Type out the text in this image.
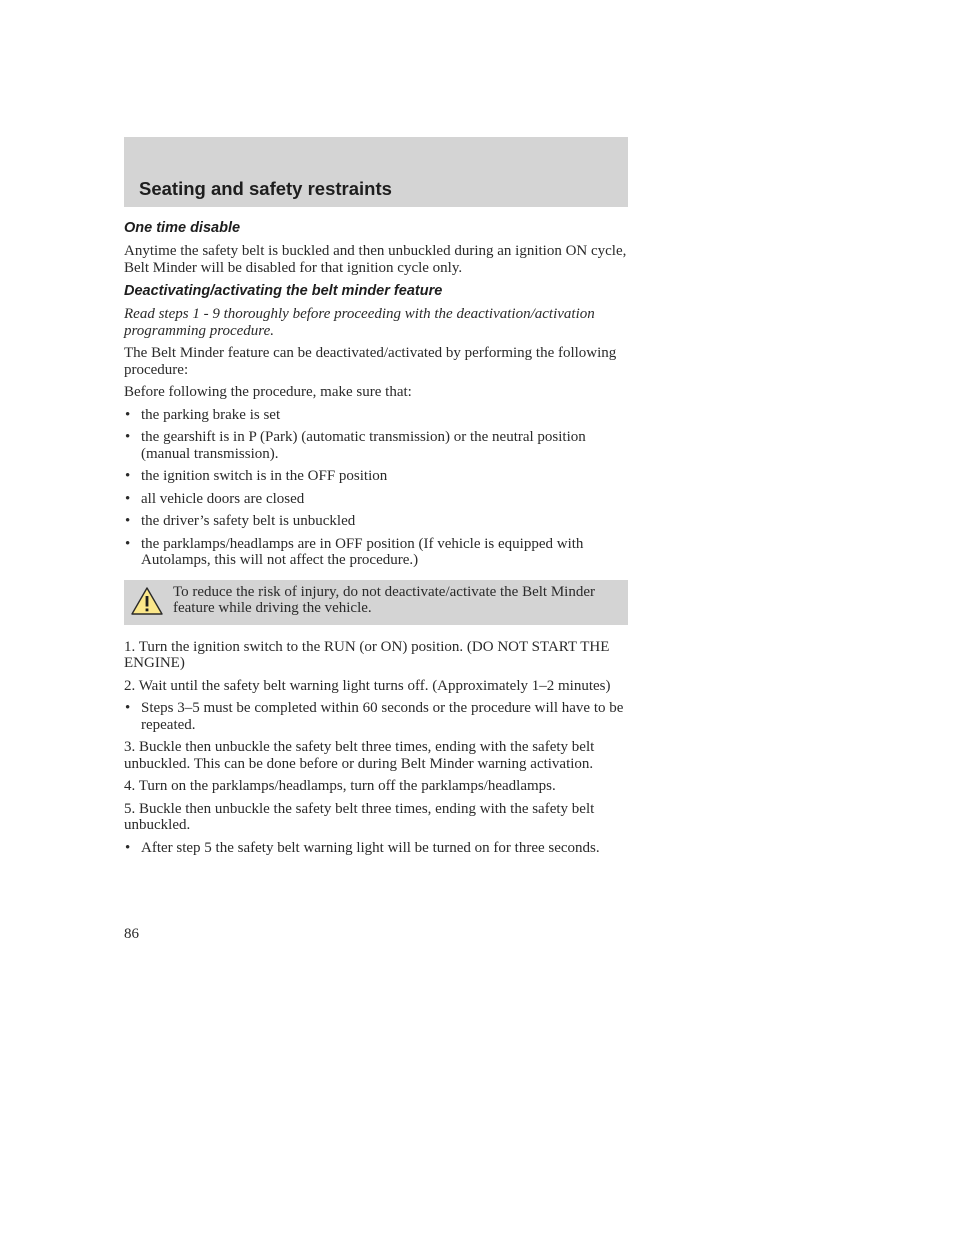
Seating and safety restraints
One time disable

Anytime the safety belt is buckled and then unbuckled during an ignition ON cycle, Belt Minder will be disabled for that ignition cycle only.

Deactivating/activating the belt minder feature

Read steps 1 - 9 thoroughly before proceeding with the deactivation/activation programming procedure.

The Belt Minder feature can be deactivated/activated by performing the following procedure:

Before following the procedure, make sure that:

• the parking brake is set
• the gearshift is in P (Park) (automatic transmission) or the neutral position (manual transmission).
• the ignition switch is in the OFF position
• all vehicle doors are closed
• the driver’s safety belt is unbuckled
• the parklamps/headlamps are in OFF position (If vehicle is equipped with Autolamps, this will not affect the procedure.)

To reduce the risk of injury, do not deactivate/activate the Belt Minder feature while driving the vehicle.

1. Turn the ignition switch to the RUN (or ON) position. (DO NOT START THE ENGINE)

2. Wait until the safety belt warning light turns off. (Approximately 1–2 minutes)

• Steps 3–5 must be completed within 60 seconds or the procedure will have to be repeated.

3. Buckle then unbuckle the safety belt three times, ending with the safety belt unbuckled. This can be done before or during Belt Minder warning activation.

4. Turn on the parklamps/headlamps, turn off the parklamps/headlamps.

5. Buckle then unbuckle the safety belt three times, ending with the safety belt unbuckled.

• After step 5 the safety belt warning light will be turned on for three seconds.

86
